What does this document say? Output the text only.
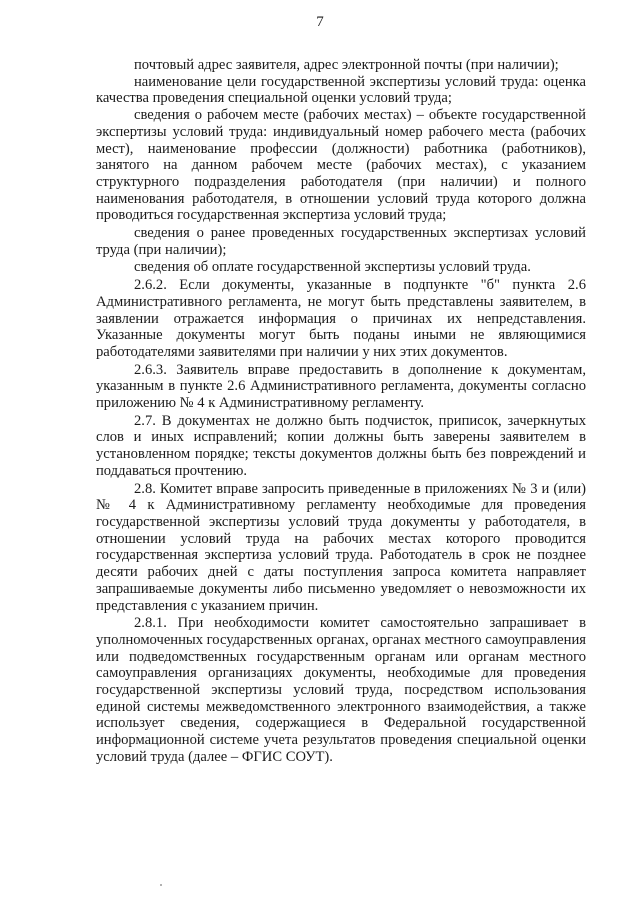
7

почтовый адрес заявителя, адрес электронной почты (при наличии);

наименование цели государственной экспертизы условий труда: оценка качества проведения специальной оценки условий труда;

сведения о рабочем месте (рабочих местах) – объекте государственной экспертизы условий труда: индивидуальный номер рабочего места (рабочих мест), наименование профессии (должности) работника (работников), занятого на данном рабочем месте (рабочих местах), с указанием структурного подразделения работодателя (при наличии) и полного наименования работодателя, в отношении условий труда которого должна проводиться государственная экспертиза условий труда;

сведения о ранее проведенных государственных экспертизах условий труда (при наличии);

сведения об оплате государственной экспертизы условий труда.

2.6.2. Если документы, указанные в подпункте "б" пункта 2.6 Административного регламента, не могут быть представлены заявителем, в заявлении отражается информация о причинах их непредставления. Указанные документы могут быть поданы иными не являющимися работодателями заявителями при наличии у них этих документов.

2.6.3. Заявитель вправе предоставить в дополнение к документам, указанным в пункте 2.6 Административного регламента, документы согласно приложению № 4 к Административному регламенту.

2.7. В документах не должно быть подчисток, приписок, зачеркнутых слов и иных исправлений; копии должны быть заверены заявителем в установленном порядке; тексты документов должны быть без повреждений и поддаваться прочтению.

2.8. Комитет вправе запросить приведенные в приложениях № 3 и (или) № 4 к Административному регламенту необходимые для проведения государственной экспертизы условий труда документы у работодателя, в отношении условий труда на рабочих местах которого проводится государственная экспертиза условий труда. Работодатель в срок не позднее десяти рабочих дней с даты поступления запроса комитета направляет запрашиваемые документы либо письменно уведомляет о невозможности их представления с указанием причин.

2.8.1. При необходимости комитет самостоятельно запрашивает в уполномоченных государственных органах, органах местного самоуправления или подведомственных государственным органам или органам местного самоуправления организациях документы, необходимые для проведения государственной экспертизы условий труда, посредством использования единой системы межведомственного электронного взаимодействия, а также использует сведения, содержащиеся в Федеральной государственной информационной системе учета результатов проведения специальной оценки условий труда (далее – ФГИС СОУТ).
